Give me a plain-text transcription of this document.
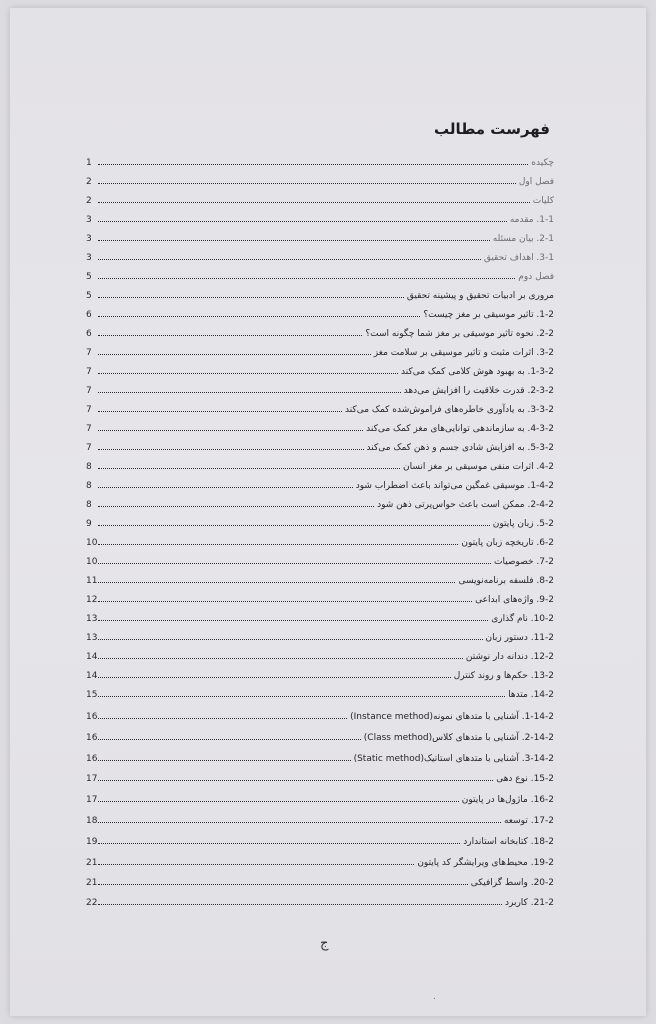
فهرست مطالب
1	چکیده
2	فصل اول
2	کلیات
3	1-1. مقدمه
3	2-1. بیان مسئله
3	3-1. اهداف تحقیق
5	فصل دوم
5	مروری بر ادبیات تحقیق و پیشینه تحقیق
6	1-2. تاثیر موسیقی بر مغز چیست؟
6	2-2. نحوه تاثیر موسیقی بر مغز شما چگونه است؟
7	3-2. اثرات مثبت و تاثیر موسیقی بر سلامت مغز
7	1-3-2. به بهبود هوش کلامی کمک می‌کند
7	2-3-2. قدرت خلاقیت را افزایش می‌دهد
7	3-3-2. به یادآوری خاطره‌های فراموش‌شده کمک می‌کند
7	4-3-2. به سازماندهی توانایی‌های مغز کمک می‌کند
7	5-3-2. به افزایش شادی جسم و ذهن کمک می‌کند
8	4-2. اثرات منفی موسیقی بر مغز انسان
8	1-4-2. موسیقی غمگین می‌تواند باعث اضطراب شود
8	2-4-2. ممکن است باعث حواس‌پرتی ذهن شود
9	5-2. زبان پایتون
10	6-2. تاریخچه زبان پایتون
10	7-2. خصوصیات
11	8-2. فلسفه برنامه‌نویسی
12	9-2. واژه‌های ابداعی
13	10-2. نام گذاری
13	11-2. دستور زبان
14	12-2. دندانه دار نوشتن
14	13-2. حکم‌ها و روند کنترل
15	14-2. متدها
16	1-14-2. آشنایی با متدهای نمونه(Instance method)
16	2-14-2. آشنایی با متدهای کلاس(Class method)
16	3-14-2. آشنایی با متدهای استاتیک(Static method)
17	15-2. نوع دهی
17	16-2. ماژول‌ها در پایتون
18	17-2. توسعه
19	18-2. کتابخانه استاندارد
21	19-2. محیط‌های ویرایشگر کد پایتون
21	20-2. واسط گرافیکی
22	21-2. کاربرد
ج
۰
